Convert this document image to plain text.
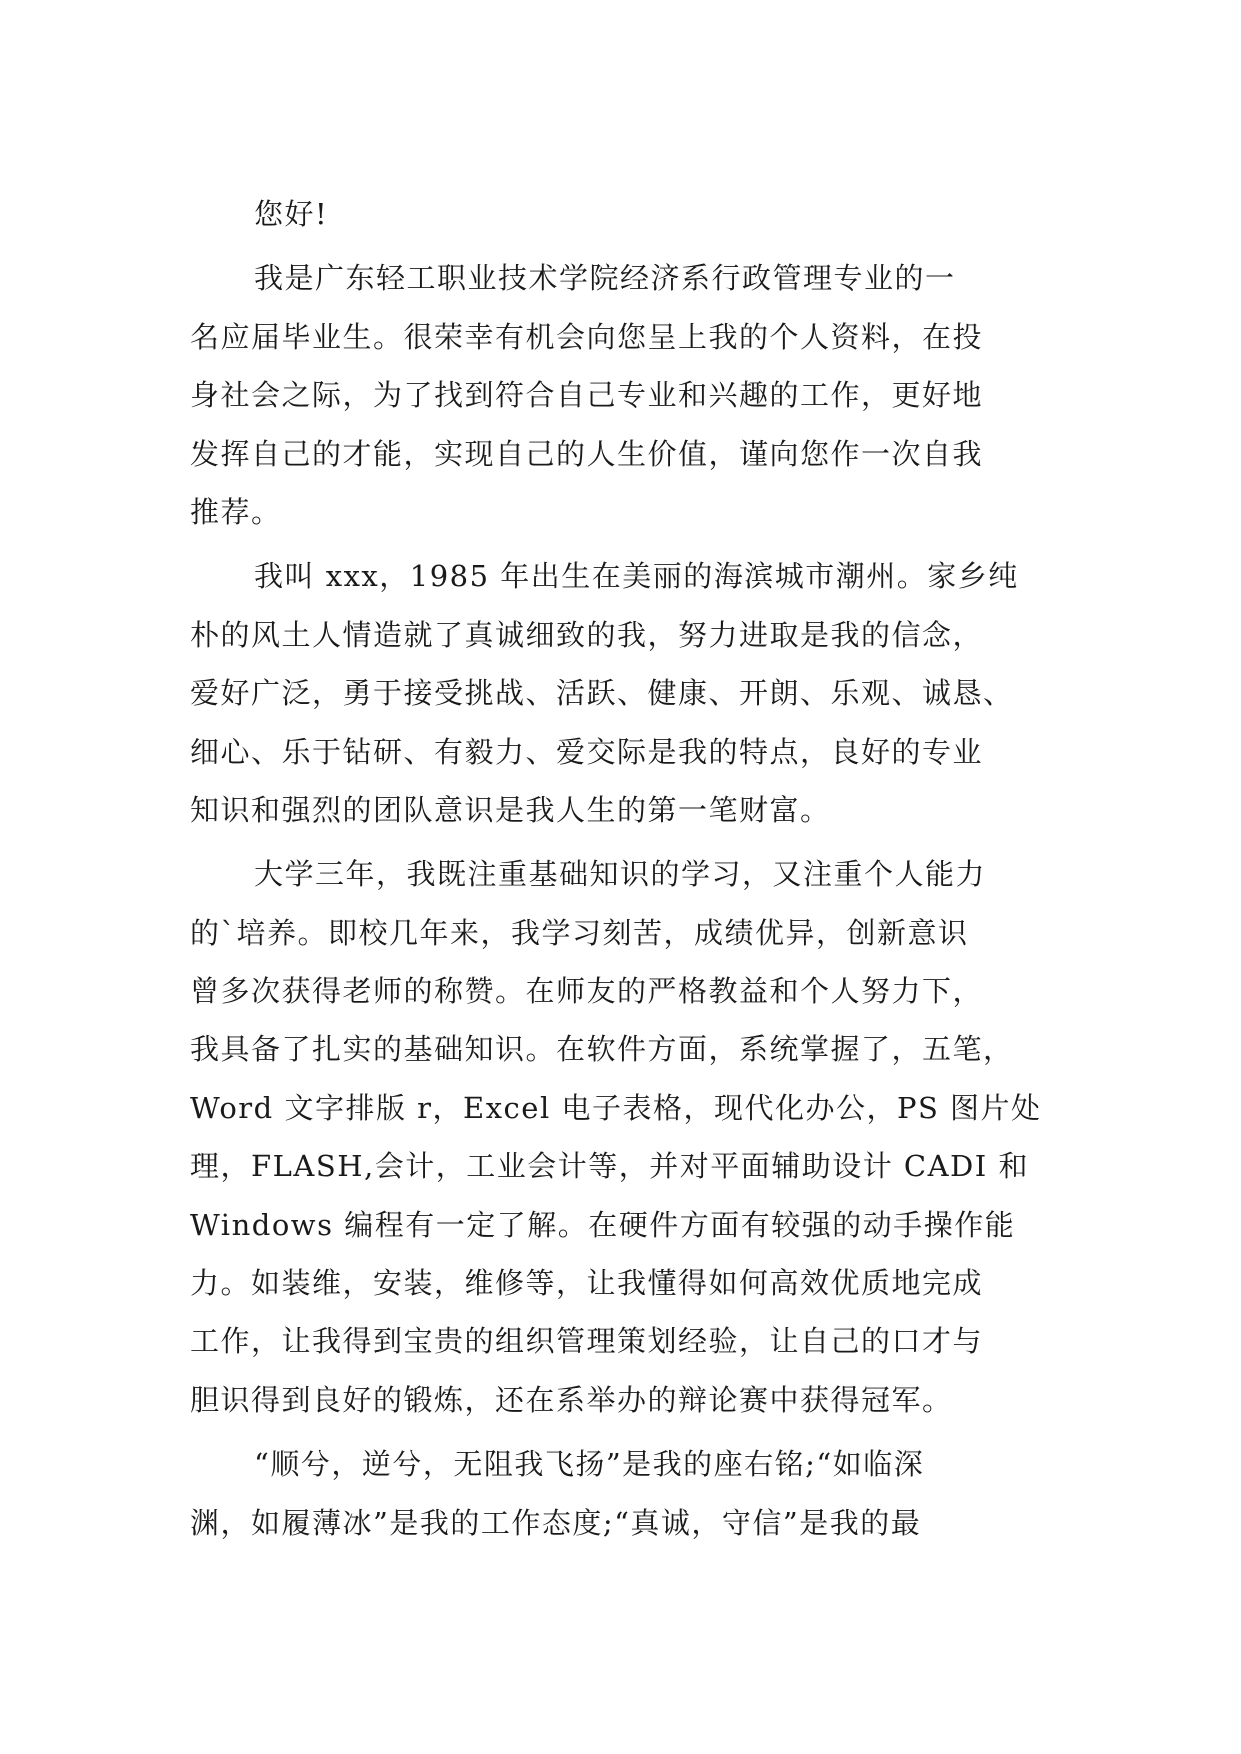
您好!
我是广东轻工职业技术学院经济系行政管理专业的一
名应届毕业生。很荣幸有机会向您呈上我的个人资料，在投
身社会之际，为了找到符合自己专业和兴趣的工作，更好地
发挥自己的才能，实现自己的人生价值，谨向您作一次自我
推荐。
我叫 xxx，1985 年出生在美丽的海滨城市潮州。家乡纯
朴的风土人情造就了真诚细致的我，努力进取是我的信念，
爱好广泛，勇于接受挑战、活跃、健康、开朗、乐观、诚恳、
细心、乐于钻研、有毅力、爱交际是我的特点，良好的专业
知识和强烈的团队意识是我人生的第一笔财富。
大学三年，我既注重基础知识的学习，又注重个人能力
的`培养。即校几年来，我学习刻苦，成绩优异，创新意识
曾多次获得老师的称赞。在师友的严格教益和个人努力下，
我具备了扎实的基础知识。在软件方面，系统掌握了，五笔，
Word 文字排版 r，Excel 电子表格，现代化办公，PS 图片处
理，FLASH,会计，工业会计等，并对平面辅助设计 CADI 和
Windows 编程有一定了解。在硬件方面有较强的动手操作能
力。如装维，安装，维修等，让我懂得如何高效优质地完成
工作，让我得到宝贵的组织管理策划经验，让自己的口才与
胆识得到良好的锻炼，还在系举办的辩论赛中获得冠军。
“顺兮，逆兮，无阻我飞扬”是我的座右铭;“如临深
渊，如履薄冰”是我的工作态度;“真诚，守信”是我的最
